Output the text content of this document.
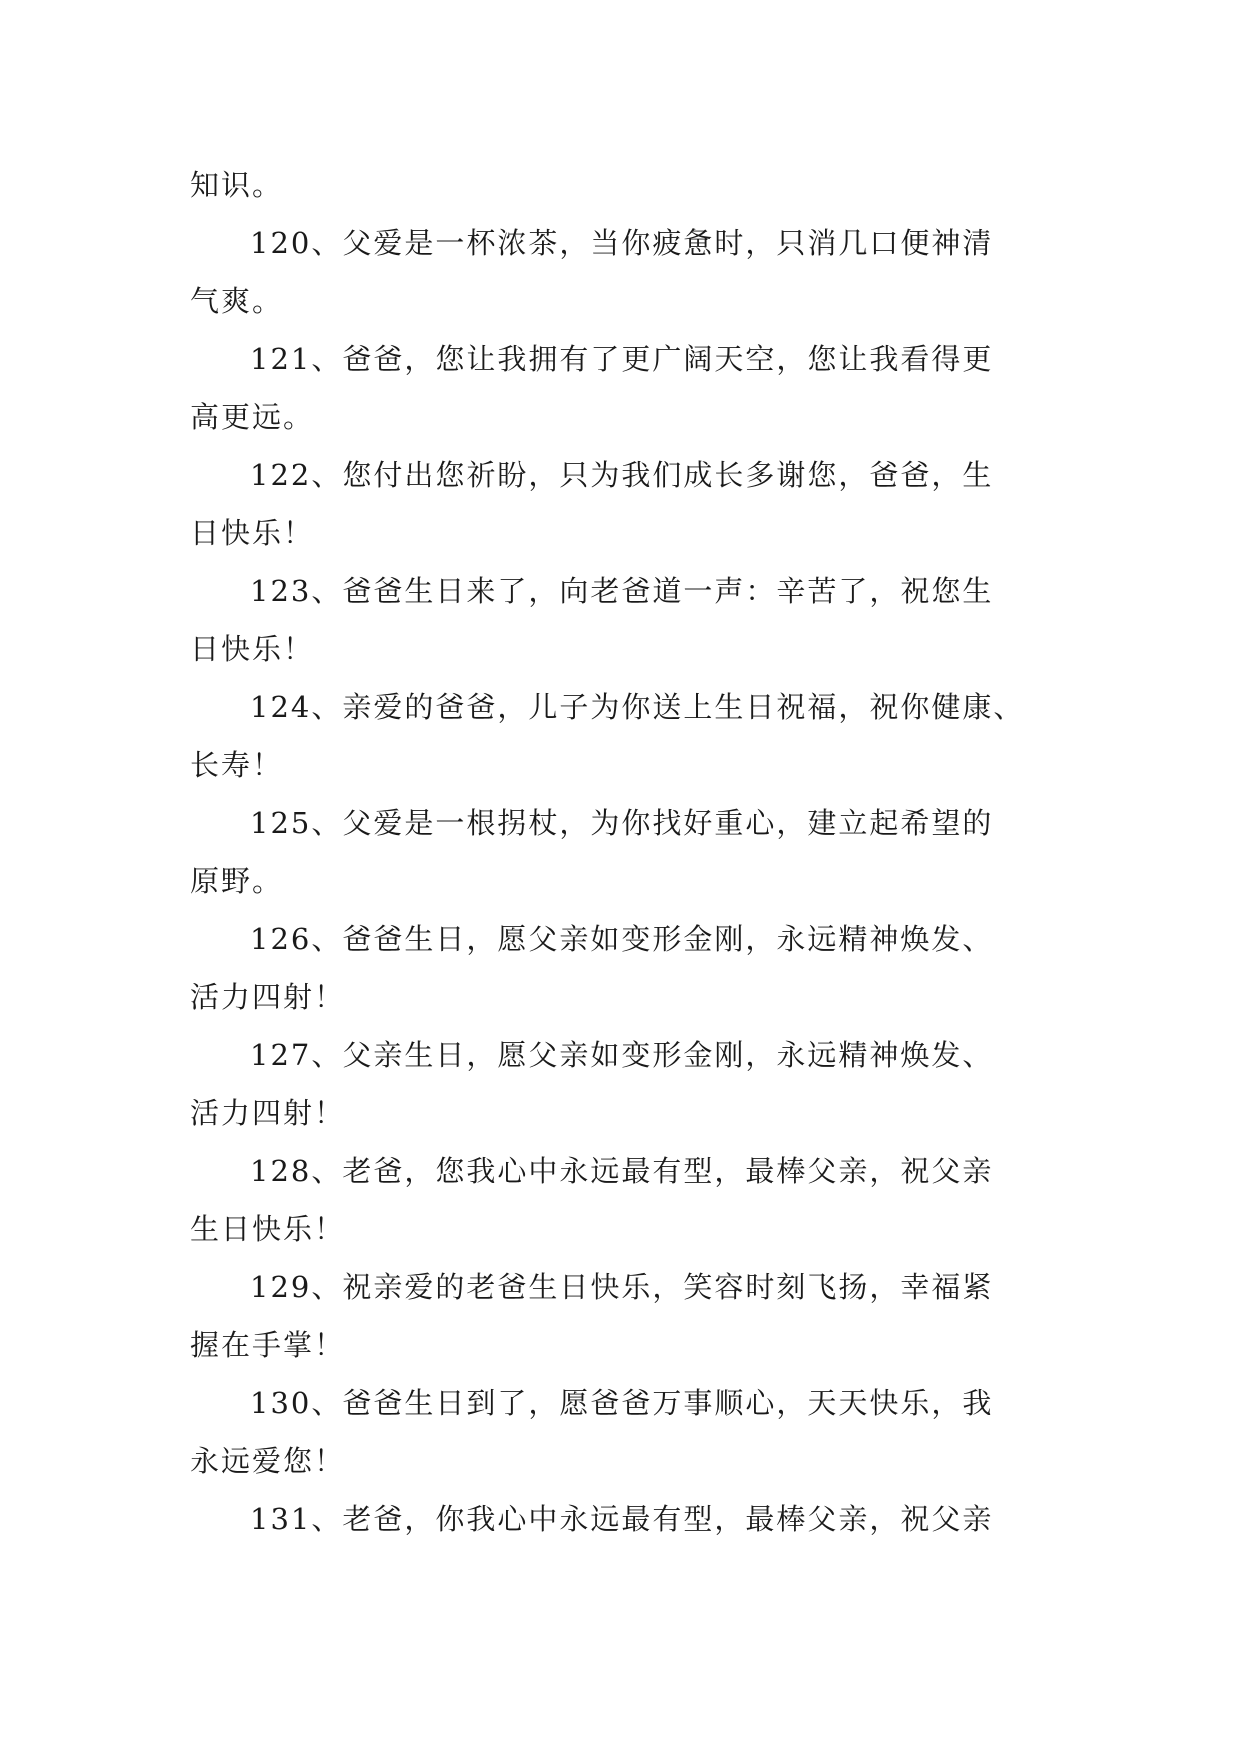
知识。
120、父爱是一杯浓茶，当你疲惫时，只消几口便神清
气爽。
121、爸爸，您让我拥有了更广阔天空，您让我看得更
高更远。
122、您付出您祈盼，只为我们成长多谢您，爸爸，生
日快乐！
123、爸爸生日来了，向老爸道一声：辛苦了，祝您生
日快乐！
124、亲爱的爸爸，儿子为你送上生日祝福，祝你健康、
长寿！
125、父爱是一根拐杖，为你找好重心，建立起希望的
原野。
126、爸爸生日，愿父亲如变形金刚，永远精神焕发、
活力四射！
127、父亲生日，愿父亲如变形金刚，永远精神焕发、
活力四射！
128、老爸，您我心中永远最有型，最棒父亲，祝父亲
生日快乐！
129、祝亲爱的老爸生日快乐，笑容时刻飞扬，幸福紧
握在手掌！
130、爸爸生日到了，愿爸爸万事顺心，天天快乐，我
永远爱您！
131、老爸，你我心中永远最有型，最棒父亲，祝父亲
